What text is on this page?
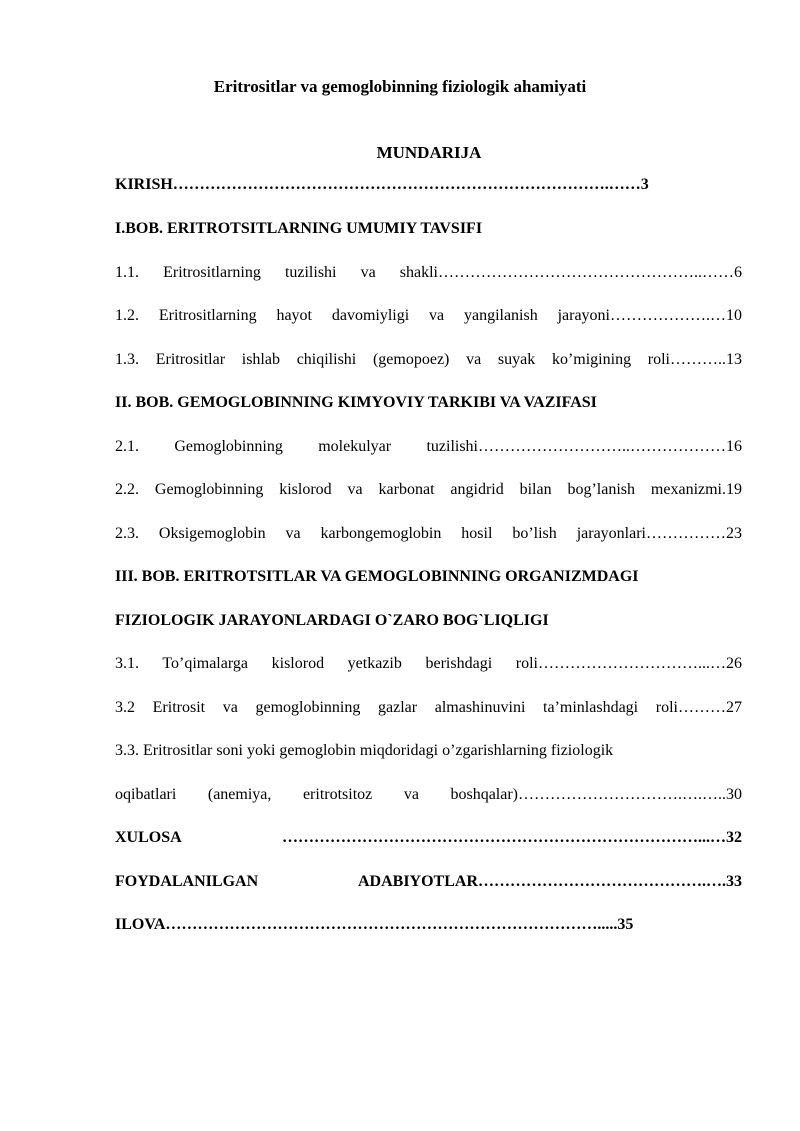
Eritrositlar va gemoglobinning fiziologik ahamiyati
MUNDARIJA
KIRISH……………………………………………………………………….……3
I.BOB. ERITROTSITLARNING UMUMIY TAVSIFI
1.1. Eritrositlarning tuzilishi va shakli…………………………………………..……6
1.2. Eritrositlarning hayot davomiyligi va yangilanish jarayoni……………….…10
1.3. Eritrositlar ishlab chiqilishi (gemopoez) va suyak ko’migining roli………..13
II. BOB. GEMOGLOBINNING KIMYOVIY TARKIBI VA VAZIFASI
2.1. Gemoglobinning molekulyar tuzilishi………………………..………………16
2.2. Gemoglobinning kislorod va karbonat angidrid bilan bog’lanish mexanizmi.19
2.3. Oksigemoglobin va karbongemoglobin hosil bo’lish jarayonlari……………23
III. BOB. ERITROTSITLAR VA GEMOGLOBINNING ORGANIZMDAGI
FIZIOLOGIK JARAYONLARDAGI O`ZARO BOG`LIQLIGI
3.1. To’qimalarga kislorod yetkazib berishdagi roli…………………………...…26
3.2 Eritrosit va gemoglobinning gazlar almashinuvini ta’minlashdagi roli………27
3.3. Eritrositlar soni yoki gemoglobin miqdoridagi o’zgarishlarning fiziologik
oqibatlari (anemiya, eritrotsitoz va boshqalar)………………………….….…..30
XULOSA ……………………………………………………………………...…32
FOYDALANILGAN ADABIYOTLAR…………………………………….….33
ILOVA……………………………………………………………………….....35
